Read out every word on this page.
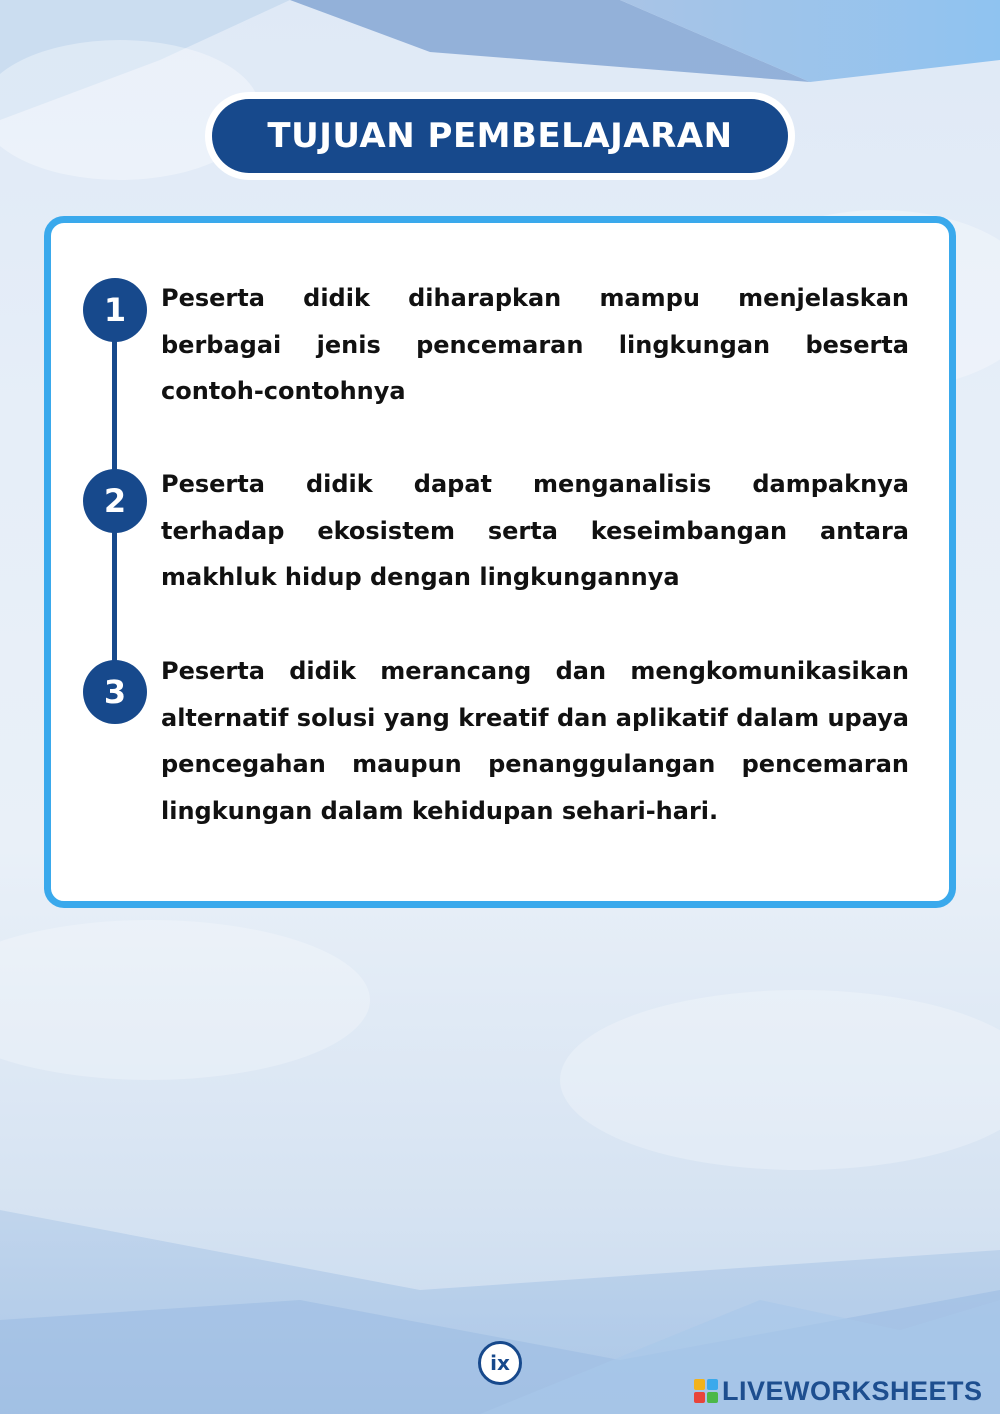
TUJUAN PEMBELAJARAN
1	Peserta didik diharapkan mampu menjelaskan berbagai jenis pencemaran lingkungan beserta contoh-contohnya

2	Peserta didik dapat menganalisis dampaknya terhadap ekosistem serta keseimbangan antara makhluk hidup dengan lingkungannya

3

Peserta didik merancang dan mengkomunikasikan alternatif solusi yang kreatif dan aplikatif dalam upaya pencegahan maupun penanggulangan pencemaran lingkungan dalam kehidupan sehari-hari.

ix
LIVEWORKSHEETS
